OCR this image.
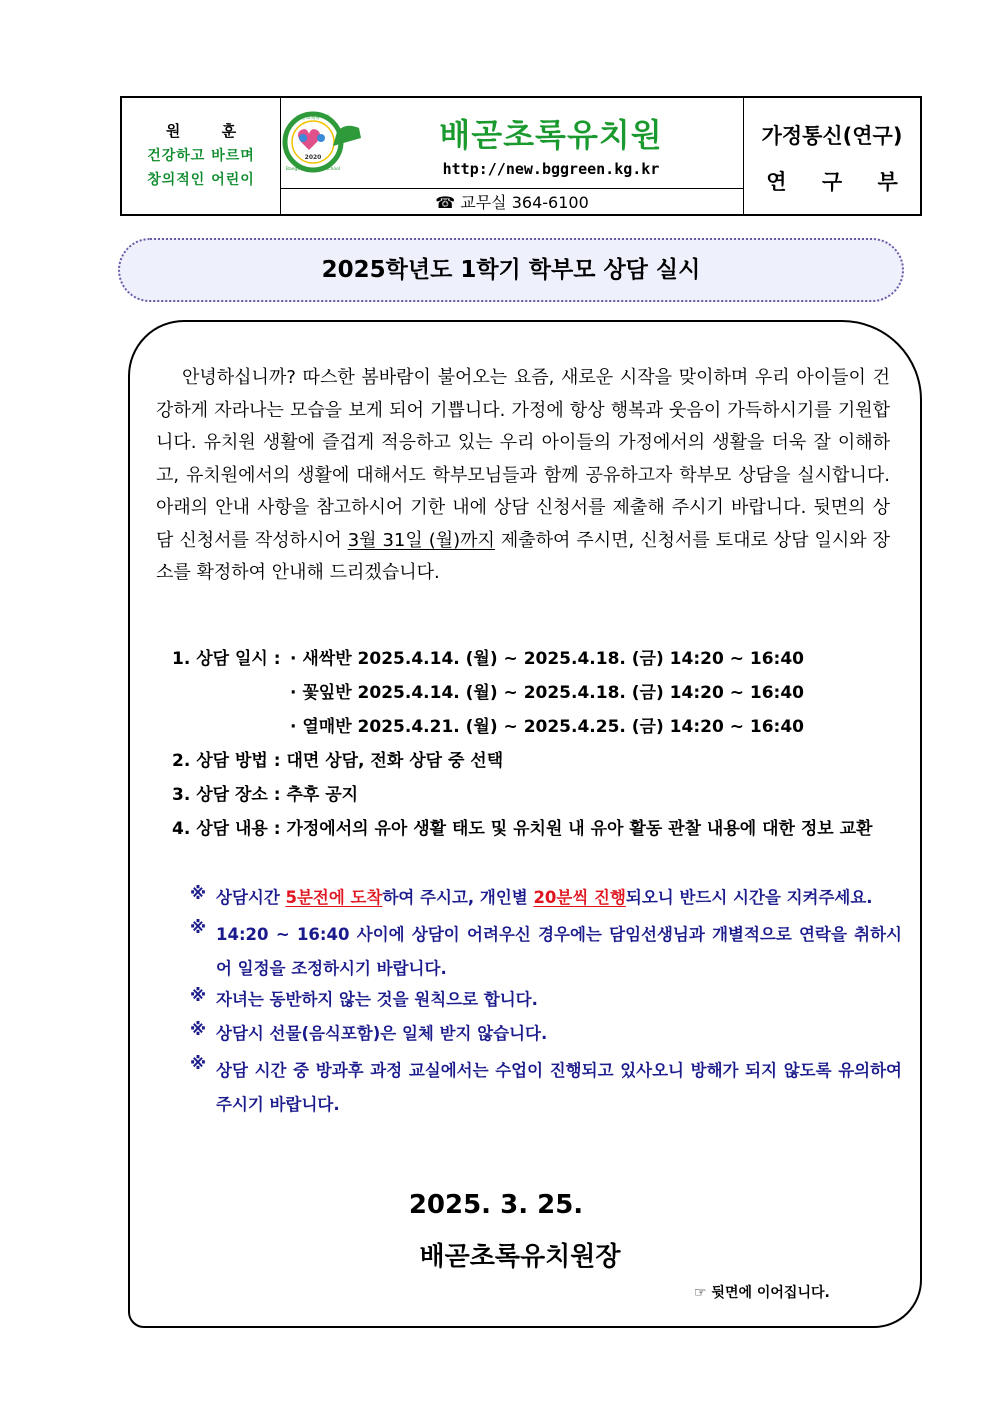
원 훈
건강하고 바르며
창의적인 어린이
배곧초록유치원
2020
Baegot Green preschool
배곧초록유치원
http://new.bggreen.kg.kr
☎ 교무실 364-6100
가정통신(연구)
연 구 부
2025학년도 1학기 학부모 상담 실시
안녕하십니까? 따스한 봄바람이 불어오는 요즘, 새로운 시작을 맞이하며 우리 아이들이 건강하게 자라나는 모습을 보게 되어 기쁩니다. 가정에 항상 행복과 웃음이 가득하시기를 기원합니다. 유치원 생활에 즐겁게 적응하고 있는 우리 아이들의 가정에서의 생활을 더욱 잘 이해하고, 유치원에서의 생활에 대해서도 학부모님들과 함께 공유하고자 학부모 상담을 실시합니다. 아래의 안내 사항을 참고하시어 기한 내에 상담 신청서를 제출해 주시기 바랍니다. 뒷면의 상담 신청서를 작성하시어 3월 31일 (월)까지 제출하여 주시면, 신청서를 토대로 상담 일시와 장소를 확정하여 안내해 드리겠습니다.
1. 상담 일시 : · 새싹반 2025.4.14. (월) ~ 2025.4.18. (금) 14:20 ~ 16:40
· 꽃잎반 2025.4.14. (월) ~ 2025.4.18. (금) 14:20 ~ 16:40
· 열매반 2025.4.21. (월) ~ 2025.4.25. (금) 14:20 ~ 16:40
2. 상담 방법 : 대면 상담, 전화 상담 중 선택
3. 상담 장소 : 추후 공지
4. 상담 내용 : 가정에서의 유아 생활 태도 및 유치원 내 유아 활동 관찰 내용에 대한 정보 교환
※ 상담시간 5분전에 도착하여 주시고, 개인별 20분씩 진행되오니 반드시 시간을 지켜주세요.
※ 14:20 ~ 16:40 사이에 상담이 어려우신 경우에는 담임선생님과 개별적으로 연락을 취하시어 일정을 조정하시기 바랍니다.
※ 자녀는 동반하지 않는 것을 원칙으로 합니다.
※ 상담시 선물(음식포함)은 일체 받지 않습니다.
※ 상담 시간 중 방과후 과정 교실에서는 수업이 진행되고 있사오니 방해가 되지 않도록 유의하여 주시기 바랍니다.
2025. 3. 25.
배곧초록유치원장
☞ 뒷면에 이어집니다.
